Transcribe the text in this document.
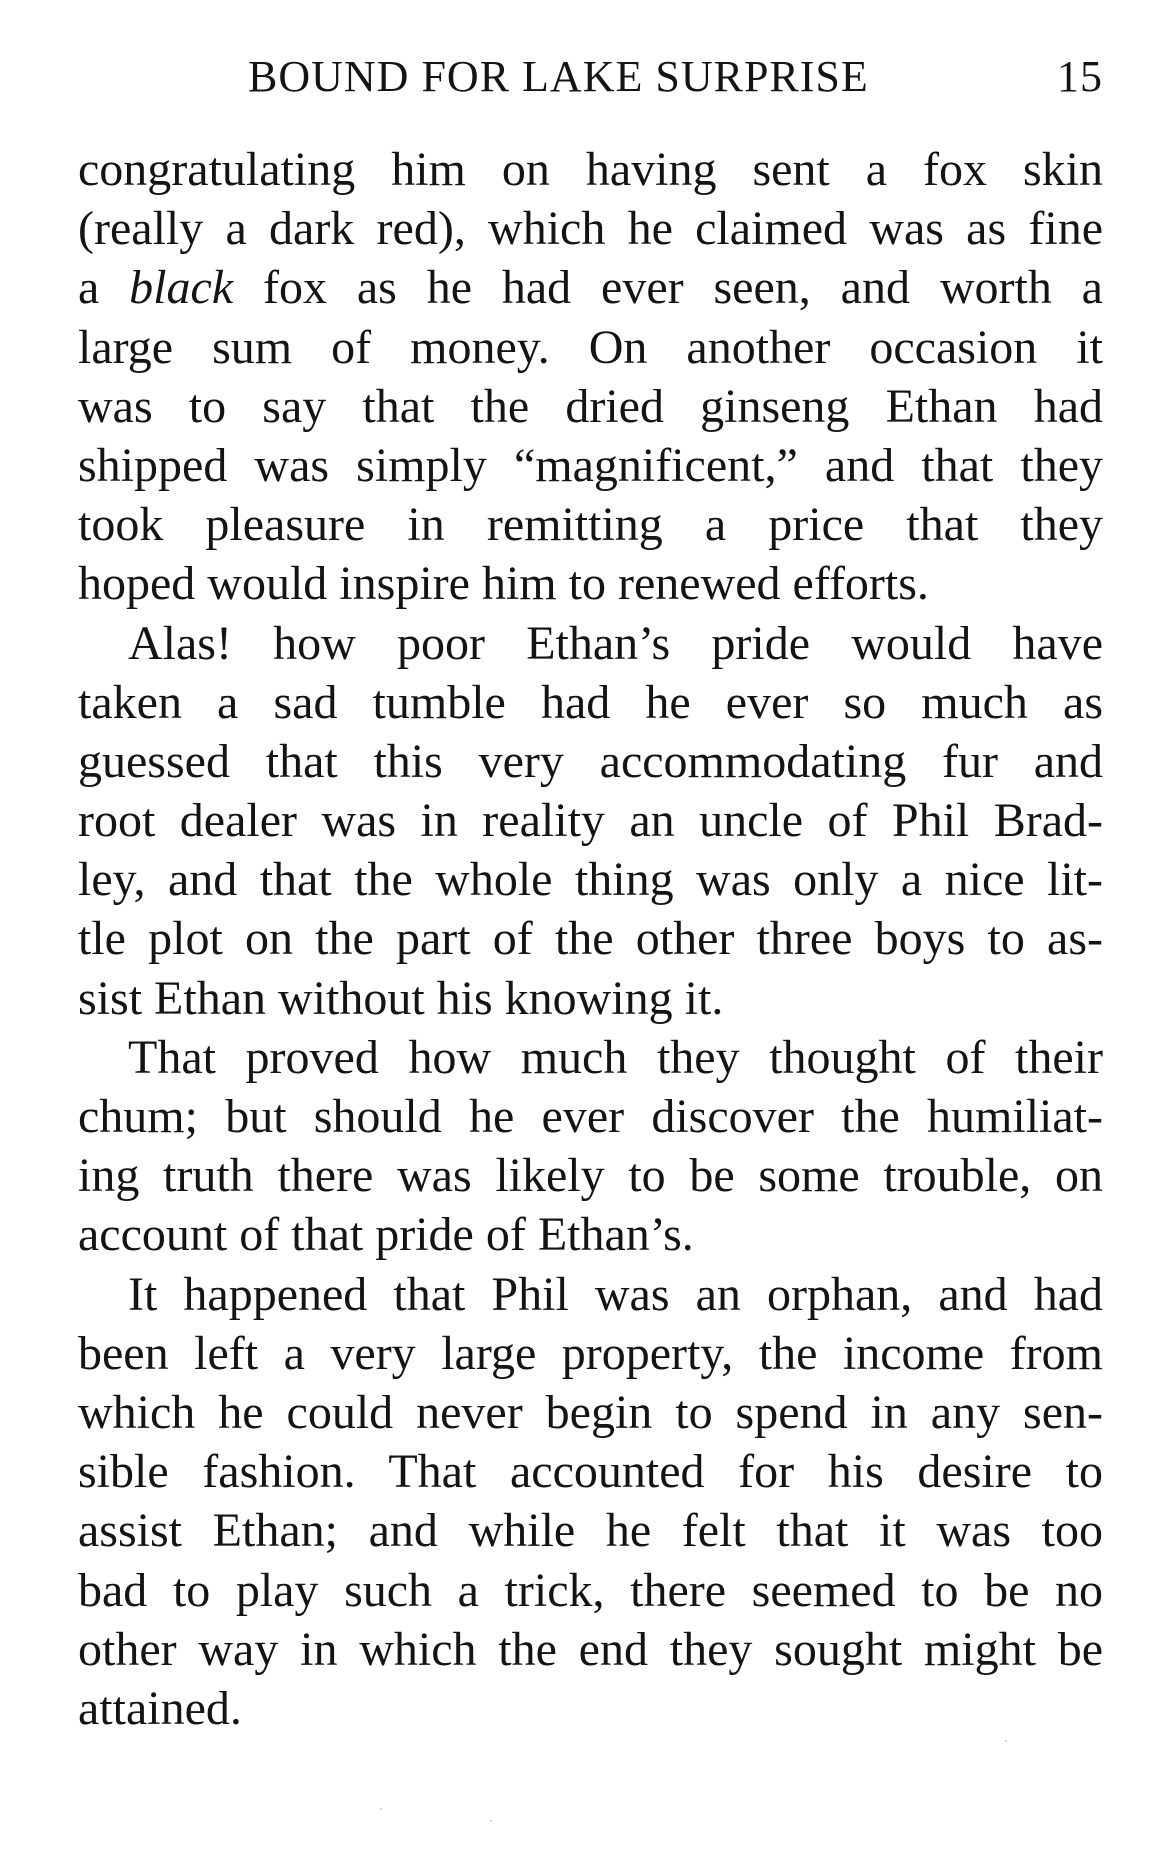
BOUND FOR LAKE SURPRISE	15
congratulating him on having sent a fox skin
(really a dark red), which he claimed was as fine
a black fox as he had ever seen, and worth a
large sum of money. On another occasion it
was to say that the dried ginseng Ethan had
shipped was simply “magnificent,” and that they
took pleasure in remitting a price that they
hoped would inspire him to renewed efforts.
Alas! how poor Ethan’s pride would have
taken a sad tumble had he ever so much as
guessed that this very accommodating fur and
root dealer was in reality an uncle of Phil Brad-
ley, and that the whole thing was only a nice lit-
tle plot on the part of the other three boys to as-
sist Ethan without his knowing it.
That proved how much they thought of their
chum; but should he ever discover the humiliat-
ing truth there was likely to be some trouble, on
account of that pride of Ethan’s.
It happened that Phil was an orphan, and had
been left a very large property, the income from
which he could never begin to spend in any sen-
sible fashion. That accounted for his desire to
assist Ethan; and while he felt that it was too
bad to play such a trick, there seemed to be no
other way in which the end they sought might be
attained.
